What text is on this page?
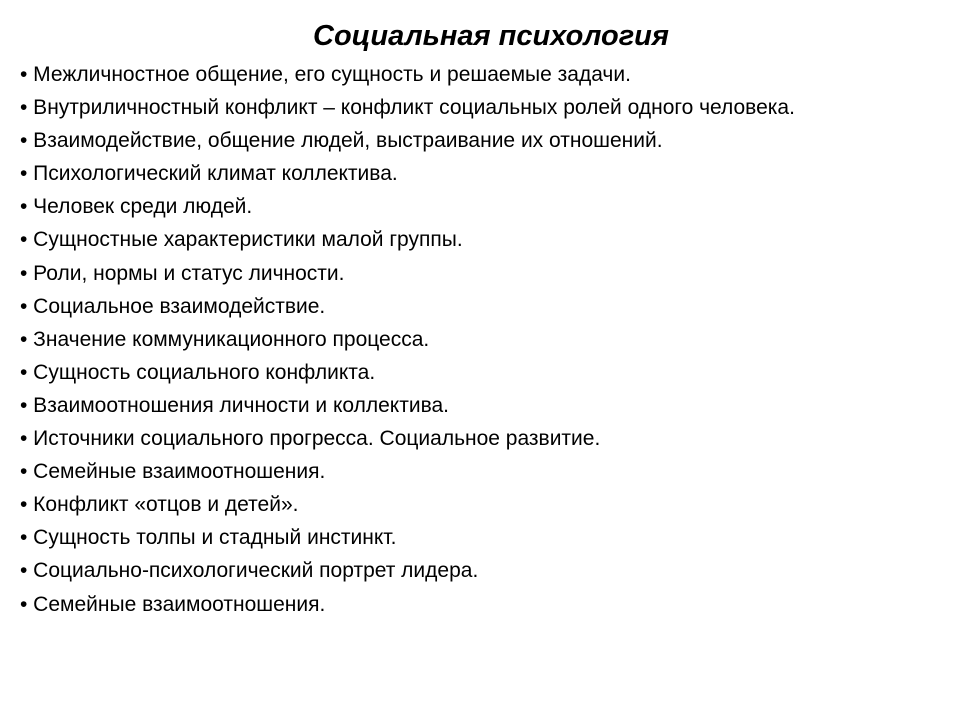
Социальная психология
• Межличностное общение, его сущность и решаемые задачи.
• Внутриличностный конфликт – конфликт социальных ролей одного человека.
• Взаимодействие, общение людей, выстраивание их отношений.
• Психологический климат коллектива.
• Человек среди людей.
• Сущностные характеристики малой группы.
• Роли, нормы и статус личности.
• Социальное взаимодействие.
• Значение коммуникационного процесса.
• Сущность социального конфликта.
• Взаимоотношения личности и коллектива.
• Источники социального прогресса. Социальное развитие.
• Семейные взаимоотношения.
• Конфликт «отцов и детей».
• Сущность толпы и стадный инстинкт.
• Социально-психологический портрет лидера.
• Семейные взаимоотношения.
